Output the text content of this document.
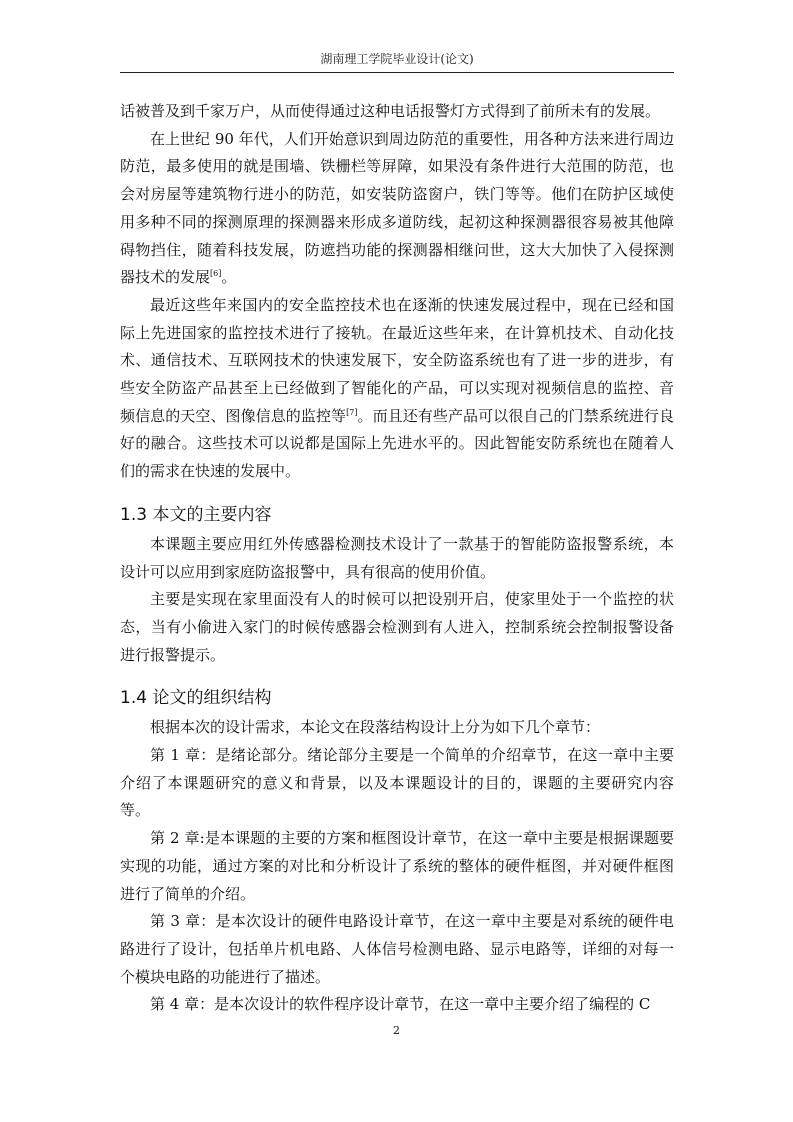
湖南理工学院毕业设计(论文)

话被普及到千家万户，从而使得通过这种电话报警灯方式得到了前所未有的发展。

在上世纪 90 年代，人们开始意识到周边防范的重要性，用各种方法来进行周边防范，最多使用的就是围墙、铁栅栏等屏障，如果没有条件进行大范围的防范，也会对房屋等建筑物行进小的防范，如安装防盗窗户，铁门等等。他们在防护区域使用多种不同的探测原理的探测器来形成多道防线，起初这种探测器很容易被其他障碍物挡住，随着科技发展，防遮挡功能的探测器相继问世，这大大加快了入侵探测器技术的发展[6]。

最近这些年来国内的安全监控技术也在逐渐的快速发展过程中，现在已经和国际上先进国家的监控技术进行了接轨。在最近这些年来，在计算机技术、自动化技术、通信技术、互联网技术的快速发展下，安全防盗系统也有了进一步的进步，有些安全防盗产品甚至上已经做到了智能化的产品，可以实现对视频信息的监控、音频信息的天空、图像信息的监控等[7]。而且还有些产品可以很自己的门禁系统进行良好的融合。这些技术可以说都是国际上先进水平的。因此智能安防系统也在随着人们的需求在快速的发展中。

1.3 本文的主要内容

本课题主要应用红外传感器检测技术设计了一款基于的智能防盗报警系统，本设计可以应用到家庭防盗报警中，具有很高的使用价值。

主要是实现在家里面没有人的时候可以把设别开启，使家里处于一个监控的状态，当有小偷进入家门的时候传感器会检测到有人进入，控制系统会控制报警设备进行报警提示。

1.4 论文的组织结构

根据本次的设计需求，本论文在段落结构设计上分为如下几个章节：

第 1 章：是绪论部分。绪论部分主要是一个简单的介绍章节，在这一章中主要介绍了本课题研究的意义和背景，以及本课题设计的目的，课题的主要研究内容等。

第 2 章:是本课题的主要的方案和框图设计章节，在这一章中主要是根据课题要实现的功能，通过方案的对比和分析设计了系统的整体的硬件框图，并对硬件框图进行了简单的介绍。

第 3 章：是本次设计的硬件电路设计章节，在这一章中主要是对系统的硬件电路进行了设计，包括单片机电路、人体信号检测电路、显示电路等，详细的对每一个模块电路的功能进行了描述。

第 4 章：是本次设计的软件程序设计章节，在这一章中主要介绍了编程的 C

2
